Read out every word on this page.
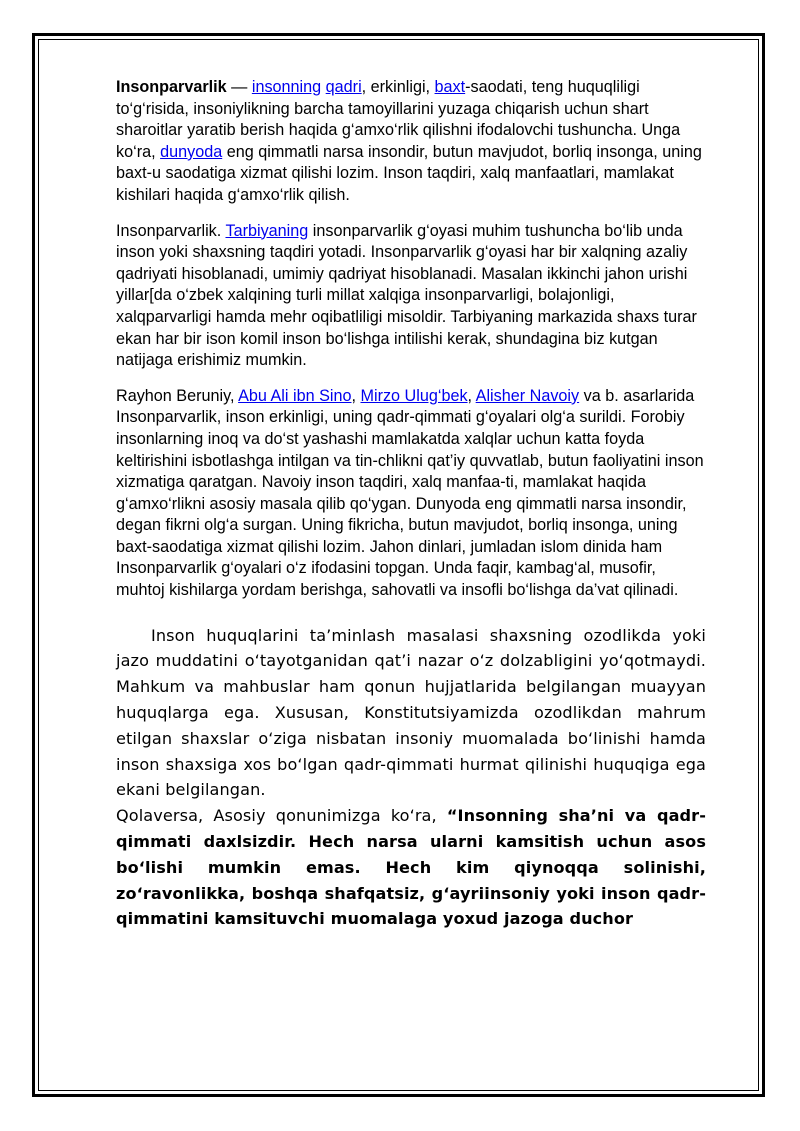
Insonparvarlik — insonning qadri, erkinligi, baxt-saodati, teng huquqliligi to‘g‘risida, insoniylikning barcha tamoyillarini yuzaga chiqarish uchun shart sharoitlar yaratib berish haqida g‘amxo‘rlik qilishni ifodalovchi tushuncha. Unga ko‘ra, dunyoda eng qimmatli narsa insondir, butun mavjudot, borliq insonga, uning baxt-u saodatiga xizmat qilishi lozim. Inson taqdiri, xalq manfaatlari, mamlakat kishilari haqida g‘amxo‘rlik qilish.

Insonparvarlik. Tarbiyaning insonparvarlik g‘oyasi muhim tushuncha bo‘lib unda inson yoki shaxsning taqdiri yotadi. Insonparvarlik g‘oyasi har bir xalqning azaliy qadriyati hisoblanadi, umimiy qadriyat hisoblanadi. Masalan ikkinchi jahon urishi yillar[da o‘zbek xalqining turli millat xalqiga insonparvarligi, bolajonligi, xalqparvarligi hamda mehr oqibatliligi misoldir. Tarbiyaning markazida shaxs turar ekan har bir ison komil inson bo‘lishga intilishi kerak, shundagina biz kutgan natijaga erishimiz mumkin.

Rayhon Beruniy, Abu Ali ibn Sino, Mirzo Ulug‘bek, Alisher Navoiy va b. asarlarida Insonparvarlik, inson erkinligi, uning qadr-qimmati g‘oyalari olg‘a surildi. Forobiy insonlarning inoq va do‘st yashashi mamlakatda xalqlar uchun katta foyda keltirishini isbotlashga intilgan va tin-chlikni qat’iy quvvatlab, butun faoliyatini inson xizmatiga qaratgan. Navoiy inson taqdiri, xalq manfaa-ti, mamlakat haqida g‘amxo‘rlikni asosiy masala qilib qo‘ygan. Dunyoda eng qimmatli narsa insondir, degan fikrni olg‘a surgan. Uning fikricha, butun mavjudot, borliq insonga, uning baxt-saodatiga xizmat qilishi lozim. Jahon dinlari, jumladan islom dinida ham Insonparvarlik g‘oyalari o‘z ifodasini topgan. Unda faqir, kambag‘al, musofir, muhtoj kishilarga yordam berishga, sahovatli va insofli bo‘lishga da’vat qilinadi.

Inson huquqlarini ta’minlash masalasi shaxsning ozodlikda yoki jazo muddatini o‘tayotganidan qat’i nazar o‘z dolzabligini yo‘qotmaydi. Mahkum va mahbuslar ham qonun hujjatlarida belgilangan muayyan huquqlarga ega. Xususan, Konstitutsiyamizda ozodlikdan mahrum etilgan shaxslar o‘ziga nisbatan insoniy muomalada bo‘linishi hamda inson shaxsiga xos bo‘lgan qadr-qimmati hurmat qilinishi huquqiga ega ekani belgilangan.

Qolaversa, Asosiy qonunimizga ko‘ra, “Insonning sha’ni va qadr-qimmati daxlsizdir. Hech narsa ularni kamsitish uchun asos bo‘lishi mumkin emas. Hech kim qiynoqqa solinishi, zo‘ravonlikka, boshqa shafqatsiz, g‘ayriinsoniy yoki inson qadr-qimmatini kamsituvchi muomalaga yoxud jazoga duchor
